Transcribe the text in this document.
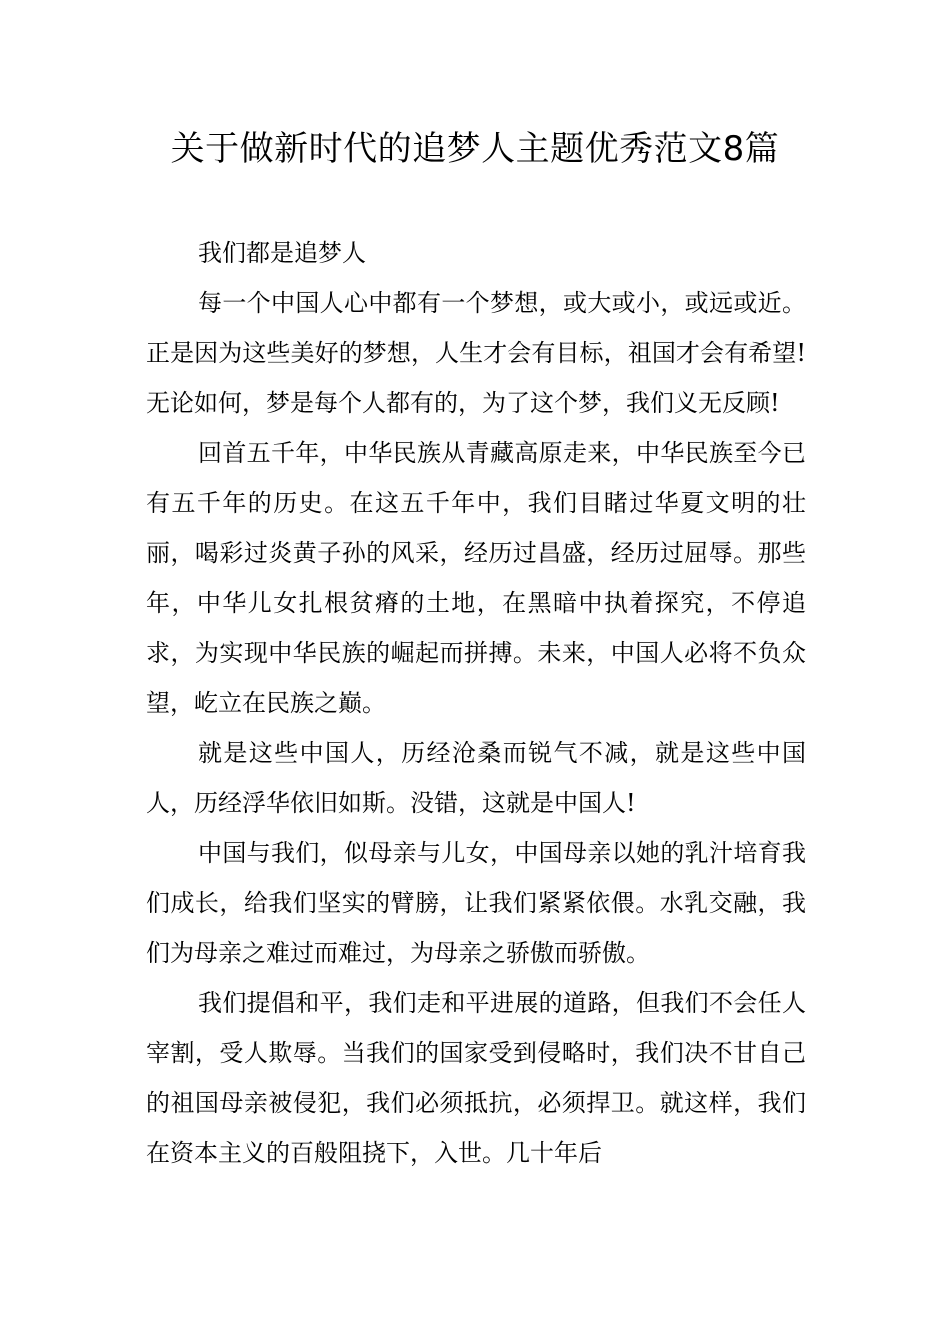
关于做新时代的追梦人主题优秀范文8篇

我们都是追梦人

每一个中国人心中都有一个梦想，或大或小，或远或近。正是因为这些美好的梦想，人生才会有目标，祖国才会有希望!无论如何，梦是每个人都有的，为了这个梦，我们义无反顾!

回首五千年，中华民族从青藏高原走来，中华民族至今已有五千年的历史。在这五千年中，我们目睹过华夏文明的壮丽，喝彩过炎黄子孙的风采，经历过昌盛，经历过屈辱。那些年，中华儿女扎根贫瘠的土地，在黑暗中执着探究，不停追求，为实现中华民族的崛起而拼搏。未来，中国人必将不负众望，屹立在民族之巅。

就是这些中国人，历经沧桑而锐气不减，就是这些中国人，历经浮华依旧如斯。没错，这就是中国人!

中国与我们，似母亲与儿女，中国母亲以她的乳汁培育我们成长，给我们坚实的臂膀，让我们紧紧依偎。水乳交融，我们为母亲之难过而难过，为母亲之骄傲而骄傲。

我们提倡和平，我们走和平进展的道路，但我们不会任人宰割，受人欺辱。当我们的国家受到侵略时，我们决不甘自己的祖国母亲被侵犯，我们必须抵抗，必须捍卫。就这样，我们在资本主义的百般阻挠下，入世。几十年后
